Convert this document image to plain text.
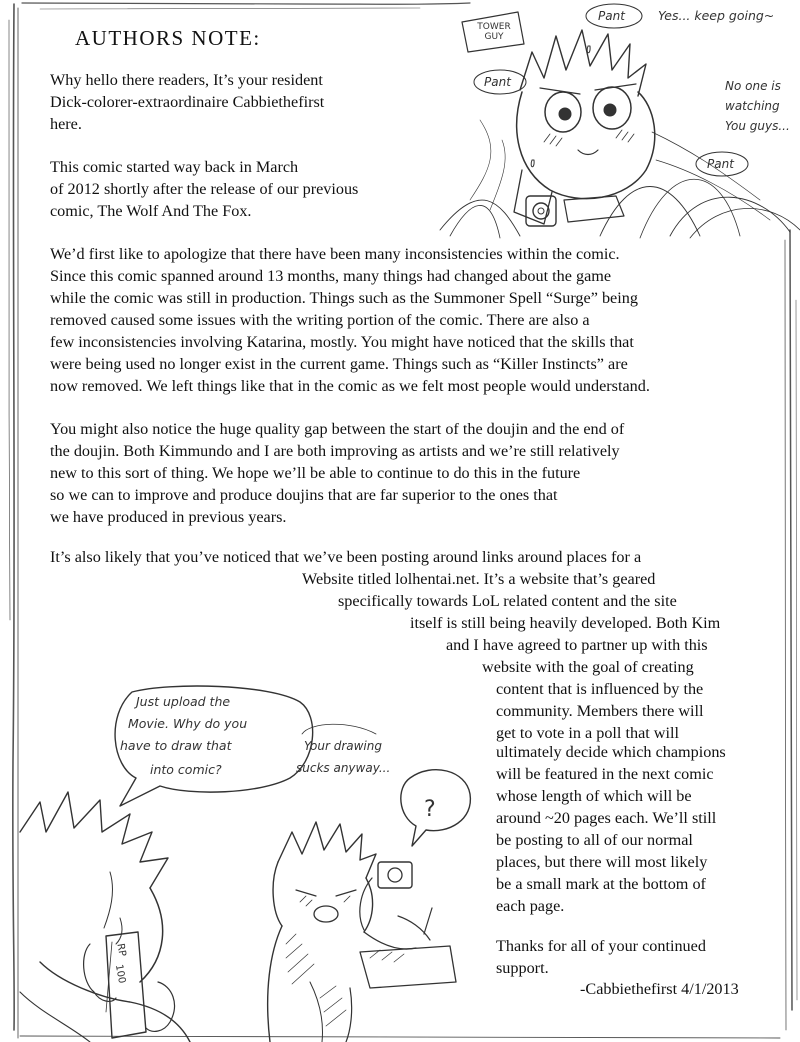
AUTHORS NOTE:	TOWER GUY
Pant
Pant
Pant
Yes... keep going~
No one is
watching
You guys...
Just upload the
Movie. Why do you
have to draw that
into comic?
Your drawing
sucks anyway...
?
RP
100
Why hello there readers, It’s your resident
Dick-colorer-extraordinaire Cabbiethefirst
here.
This comic started way back in March
of 2012 shortly after the release of our previous
comic, The Wolf And The Fox.
We’d first like to apologize that there have been many inconsistencies within the comic.
Since this comic spanned around 13 months, many things had changed about the game
while the comic was still in production. Things such as the Summoner Spell “Surge” being
removed caused some issues with the writing portion of the comic. There are also a
few inconsistencies involving Katarina, mostly. You might have noticed that the skills that
were being used no longer exist in the current game. Things such as “Killer Instincts” are
now removed. We left things like that in the comic as we felt most people would understand.
You might also notice the huge quality gap between the start of the doujin and the end of
the doujin. Both Kimmundo and I are both improving as artists and we’re still relatively
new to this sort of thing. We hope we’ll be able to continue to do this in the future
so we can to improve and produce doujins that are far superior to the ones that
we have produced in previous years.
It’s also likely that you’ve noticed that we’ve been posting around links around places for a
Website titled lolhentai.net. It’s a website that’s geared
specifically towards LoL related content and the site
itself is still being heavily developed. Both Kim
and I have agreed to partner up with this
website with the goal of creating
content that is influenced by the
community. Members there will
get to vote in a poll that will
ultimately decide which champions
will be featured in the next comic
whose length of which will be
around ~20 pages each. We’ll still
be posting to all of our normal
places, but there will most likely
be a small mark at the bottom of
each page.
Thanks for all of your continued
support.
-Cabbiethefirst 4/1/2013
